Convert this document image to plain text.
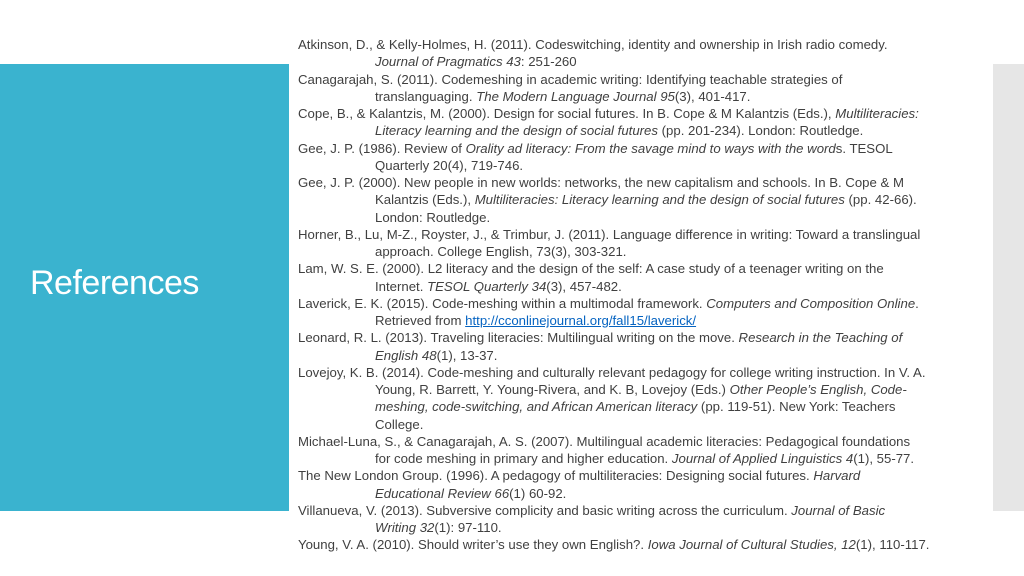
References
Atkinson, D., & Kelly-Holmes, H. (2011). Codeswitching, identity and ownership in Irish radio comedy.
Journal of Pragmatics 43: 251-260
Canagarajah, S. (2011). Codemeshing in academic writing: Identifying teachable strategies of
translanguaging. The Modern Language Journal 95(3), 401-417.
Cope, B., & Kalantzis, M. (2000). Design for social futures. In B. Cope & M Kalantzis (Eds.), Multiliteracies:
Literacy learning and the design of social futures (pp. 201-234). London: Routledge.
Gee, J. P. (1986). Review of Orality ad literacy: From the savage mind to ways with the words. TESOL
Quarterly 20(4), 719-746.
Gee, J. P. (2000). New people in new worlds: networks, the new capitalism and schools. In B. Cope & M
Kalantzis (Eds.), Multiliteracies: Literacy learning and the design of social futures (pp. 42-66).
London: Routledge.
Horner, B., Lu, M-Z., Royster, J., & Trimbur, J. (2011). Language difference in writing: Toward a translingual
approach. College English, 73(3), 303-321.
Lam, W. S. E. (2000). L2 literacy and the design of the self: A case study of a teenager writing on the
Internet. TESOL Quarterly 34(3), 457-482.
Laverick, E. K. (2015). Code-meshing within a multimodal framework. Computers and Composition Online.
Retrieved from http://cconlinejournal.org/fall15/laverick/
Leonard, R. L. (2013). Traveling literacies: Multilingual writing on the move. Research in the Teaching of
English 48(1), 13-37.
Lovejoy, K. B. (2014). Code-meshing and culturally relevant pedagogy for college writing instruction. In V. A.
Young, R. Barrett, Y. Young-Rivera, and K. B, Lovejoy (Eds.) Other People’s English, Code-
meshing, code-switching, and African American literacy (pp. 119-51). New York: Teachers
College.
Michael-Luna, S., & Canagarajah, A. S. (2007). Multilingual academic literacies: Pedagogical foundations
for code meshing in primary and higher education. Journal of Applied Linguistics 4(1), 55-77.
The New London Group. (1996). A pedagogy of multiliteracies: Designing social futures. Harvard
Educational Review 66(1) 60-92.
Villanueva, V. (2013). Subversive complicity and basic writing across the curriculum. Journal of Basic
Writing 32(1): 97-110.
Young, V. A. (2010). Should writer’s use they own English?. Iowa Journal of Cultural Studies, 12(1), 110-117.
